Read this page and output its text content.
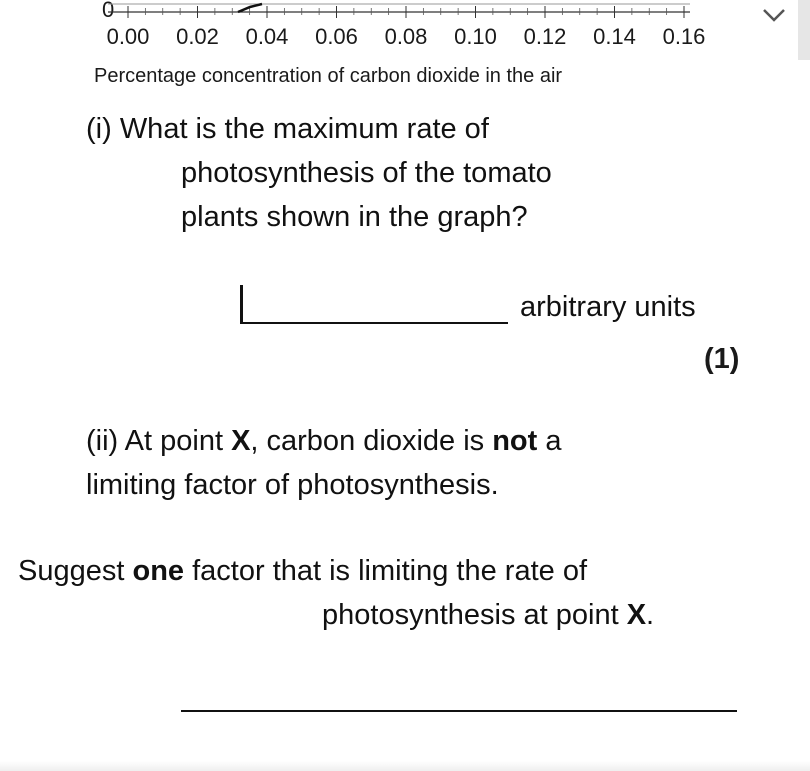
0
0.00 0.02 0.04 0.06 0.08 0.10 0.12 0.14 0.16
Percentage concentration of carbon dioxide in the air
(i) What is the maximum rate of
photosynthesis of the tomato
plants shown in the graph?
arbitrary units
(1)
(ii) At point X, carbon dioxide is not a
limiting factor of photosynthesis.
Suggest one factor that is limiting the rate of
photosynthesis at point X.
